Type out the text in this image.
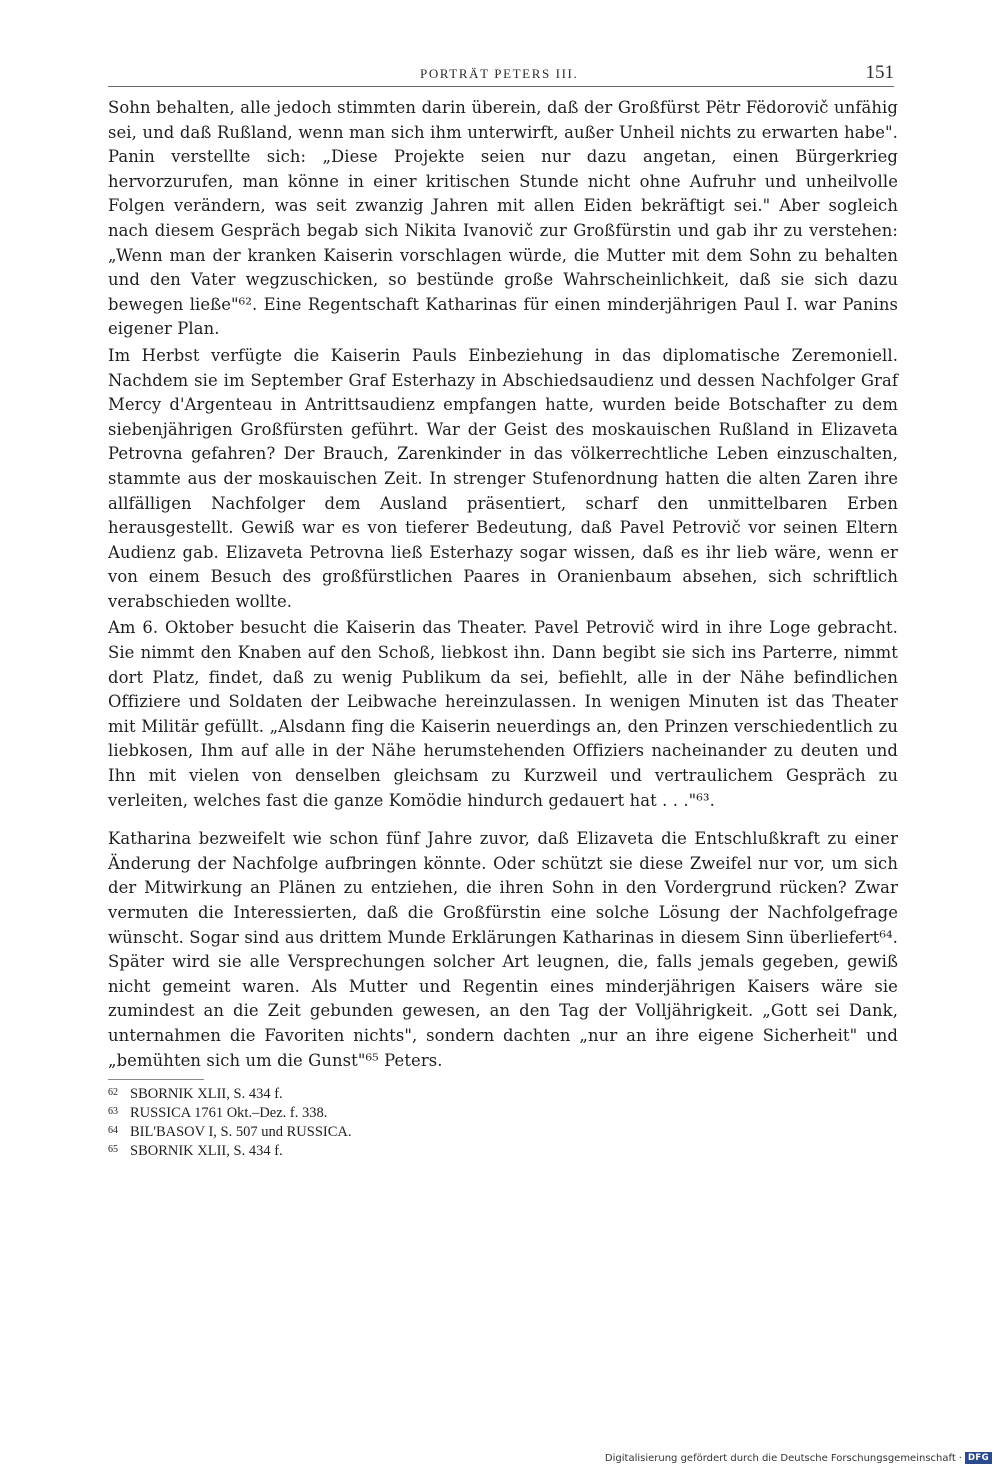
PORTRÄT PETERS III.	151

Sohn behalten, alle jedoch stimmten darin überein, daß der Großfürst Pëtr Fëdorovič unfähig sei, und daß Rußland, wenn man sich ihm unterwirft, außer Unheil nichts zu erwarten habe". Panin verstellte sich: „Diese Projekte seien nur dazu angetan, einen Bürgerkrieg hervorzurufen, man könne in einer kritischen Stunde nicht ohne Aufruhr und unheilvolle Folgen verändern, was seit zwanzig Jahren mit allen Eiden bekräftigt sei." Aber sogleich nach diesem Gespräch begab sich Nikita Ivanovič zur Großfürstin und gab ihr zu verstehen: „Wenn man der kranken Kaiserin vorschlagen würde, die Mutter mit dem Sohn zu behalten und den Vater wegzuschicken, so bestünde große Wahrscheinlichkeit, daß sie sich dazu bewegen ließe"⁶². Eine Regentschaft Katharinas für einen minderjährigen Paul I. war Panins eigener Plan.

Im Herbst verfügte die Kaiserin Pauls Einbeziehung in das diplomatische Zeremoniell. Nachdem sie im September Graf Esterhazy in Abschiedsaudienz und dessen Nachfolger Graf Mercy d'Argenteau in Antrittsaudienz empfangen hatte, wurden beide Botschafter zu dem siebenjährigen Großfürsten geführt. War der Geist des moskauischen Rußland in Elizaveta Petrovna gefahren? Der Brauch, Zarenkinder in das völkerrechtliche Leben einzuschalten, stammte aus der moskauischen Zeit. In strenger Stufenordnung hatten die alten Zaren ihre allfälligen Nachfolger dem Ausland präsentiert, scharf den unmittelbaren Erben herausgestellt. Gewiß war es von tieferer Bedeutung, daß Pavel Petrovič vor seinen Eltern Audienz gab. Elizaveta Petrovna ließ Esterhazy sogar wissen, daß es ihr lieb wäre, wenn er von einem Besuch des großfürstlichen Paares in Oranienbaum absehen, sich schriftlich verabschieden wollte.

Am 6. Oktober besucht die Kaiserin das Theater. Pavel Petrovič wird in ihre Loge gebracht. Sie nimmt den Knaben auf den Schoß, liebkost ihn. Dann begibt sie sich ins Parterre, nimmt dort Platz, findet, daß zu wenig Publikum da sei, befiehlt, alle in der Nähe befindlichen Offiziere und Soldaten der Leibwache hereinzulassen. In wenigen Minuten ist das Theater mit Militär gefüllt. „Alsdann fing die Kaiserin neuerdings an, den Prinzen verschiedentlich zu liebkosen, Ihm auf alle in der Nähe herumstehenden Offiziers nacheinander zu deuten und Ihn mit vielen von denselben gleichsam zu Kurzweil und vertraulichem Gespräch zu verleiten, welches fast die ganze Komödie hindurch gedauert hat . . ."⁶³.

Katharina bezweifelt wie schon fünf Jahre zuvor, daß Elizaveta die Entschlußkraft zu einer Änderung der Nachfolge aufbringen könnte. Oder schützt sie diese Zweifel nur vor, um sich der Mitwirkung an Plänen zu entziehen, die ihren Sohn in den Vordergrund rücken? Zwar vermuten die Interessierten, daß die Großfürstin eine solche Lösung der Nachfolgefrage wünscht. Sogar sind aus drittem Munde Erklärungen Katharinas in diesem Sinn überliefert⁶⁴. Später wird sie alle Versprechungen solcher Art leugnen, die, falls jemals gegeben, gewiß nicht gemeint waren. Als Mutter und Regentin eines minderjährigen Kaisers wäre sie zumindest an die Zeit gebunden gewesen, an den Tag der Volljährigkeit. „Gott sei Dank, unternahmen die Favoriten nichts", sondern dachten „nur an ihre eigene Sicherheit" und „bemühten sich um die Gunst"⁶⁵ Peters.

62 SBORNIK XLII, S. 434 f.

63 RUSSICA 1761 Okt.–Dez. f. 338.

64 BIL'BASOV I, S. 507 und RUSSICA.

65 SBORNIK XLII, S. 434 f.

Digitalisierung gefördert durch die Deutsche Forschungsgemeinschaft · DFG
